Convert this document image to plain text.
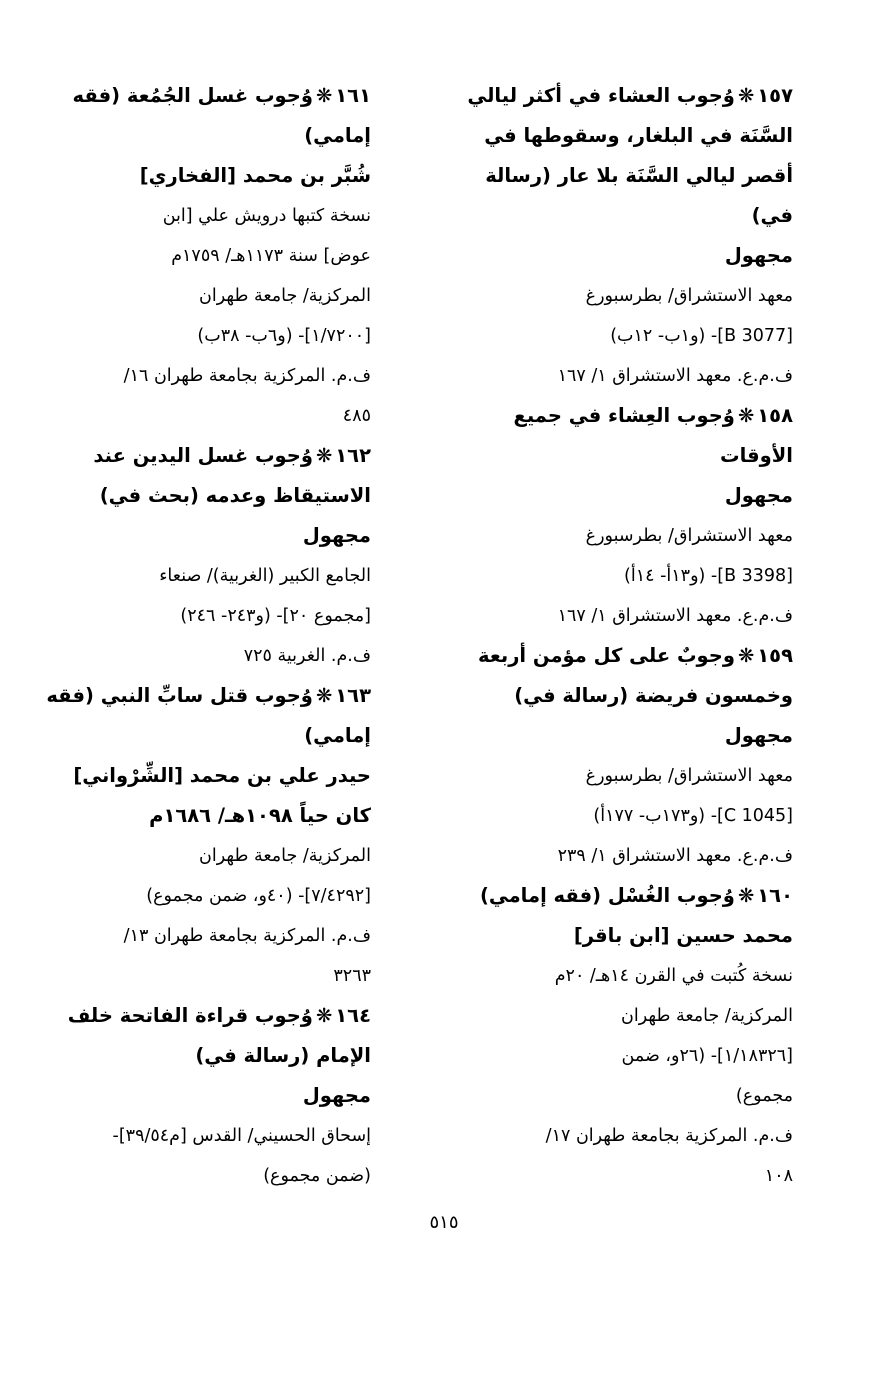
١٥٧❋وُجوب العشاء في أكثر ليالي
السَّنَة في البلغار، وسقوطها في
أقصر ليالي السَّنَة بلا عار (رسالة
في)
مجهول
معهد الاستشراق/ بطرسبورغ
[B 3077]- (و١ب- ١٢ب)
ف.م.ع. معهد الاستشراق ١/ ١٦٧
١٥٨❋وُجوب العِشاء في جميع
الأوقات
مجهول
معهد الاستشراق/ بطرسبورغ
[B 3398]- (و١٣أ- ١٤أ)
ف.م.ع. معهد الاستشراق ١/ ١٦٧
١٥٩❋وجوبٌ على كل مؤمن أربعة
وخمسون فريضة (رسالة في)
مجهول
معهد الاستشراق/ بطرسبورغ
[C 1045]- (و١٧٣ب- ١٧٧أ)
ف.م.ع. معهد الاستشراق ١/ ٢٣٩
١٦٠❋وُجوب الغُسْل (فقه إمامي)
محمد حسين [ابن باقر]
نسخة كُتبت في القرن ١٤هـ/ ٢٠م
المركزية/ جامعة طهران
[١/١٨٣٢٦]- (٢٦و، ضمن
مجموع)
ف.م. المركزية بجامعة طهران ١٧/
١٠٨
١٦١❋وُجوب غسل الجُمُعة (فقه
إمامي)
شُبَّر بن محمد [الفخاري]
نسخة كتبها درويش علي [ابن
عوض] سنة ١١٧٣هـ/ ١٧٥٩م
المركزية/ جامعة طهران
[١/٧٢٠٠]- (و٦ب- ٣٨ب)
ف.م. المركزية بجامعة طهران ١٦/
٤٨٥
١٦٢❋وُجوب غسل اليدين عند
الاستيقاظ وعدمه (بحث في)
مجهول
الجامع الكبير (الغربية)/ صنعاء
[مجموع ٢٠]- (و٢٤٣- ٢٤٦)
ف.م. الغربية ٧٢٥
١٦٣❋وُجوب قتل سابِّ النبي (فقه
إمامي)
حيدر علي بن محمد [الشِّرْواني]
كان حياً ١٠٩٨هـ/ ١٦٨٦م
المركزية/ جامعة طهران
[٧/٤٢٩٢]- (٤٠و، ضمن مجموع)
ف.م. المركزية بجامعة طهران ١٣/
٣٢٦٣
١٦٤❋وُجوب قراءة الفاتحة خلف
الإمام (رسالة في)
مجهول
إسحاق الحسيني/ القدس [م٣٩/٥٤]-
(ضمن مجموع)
٥١٥
